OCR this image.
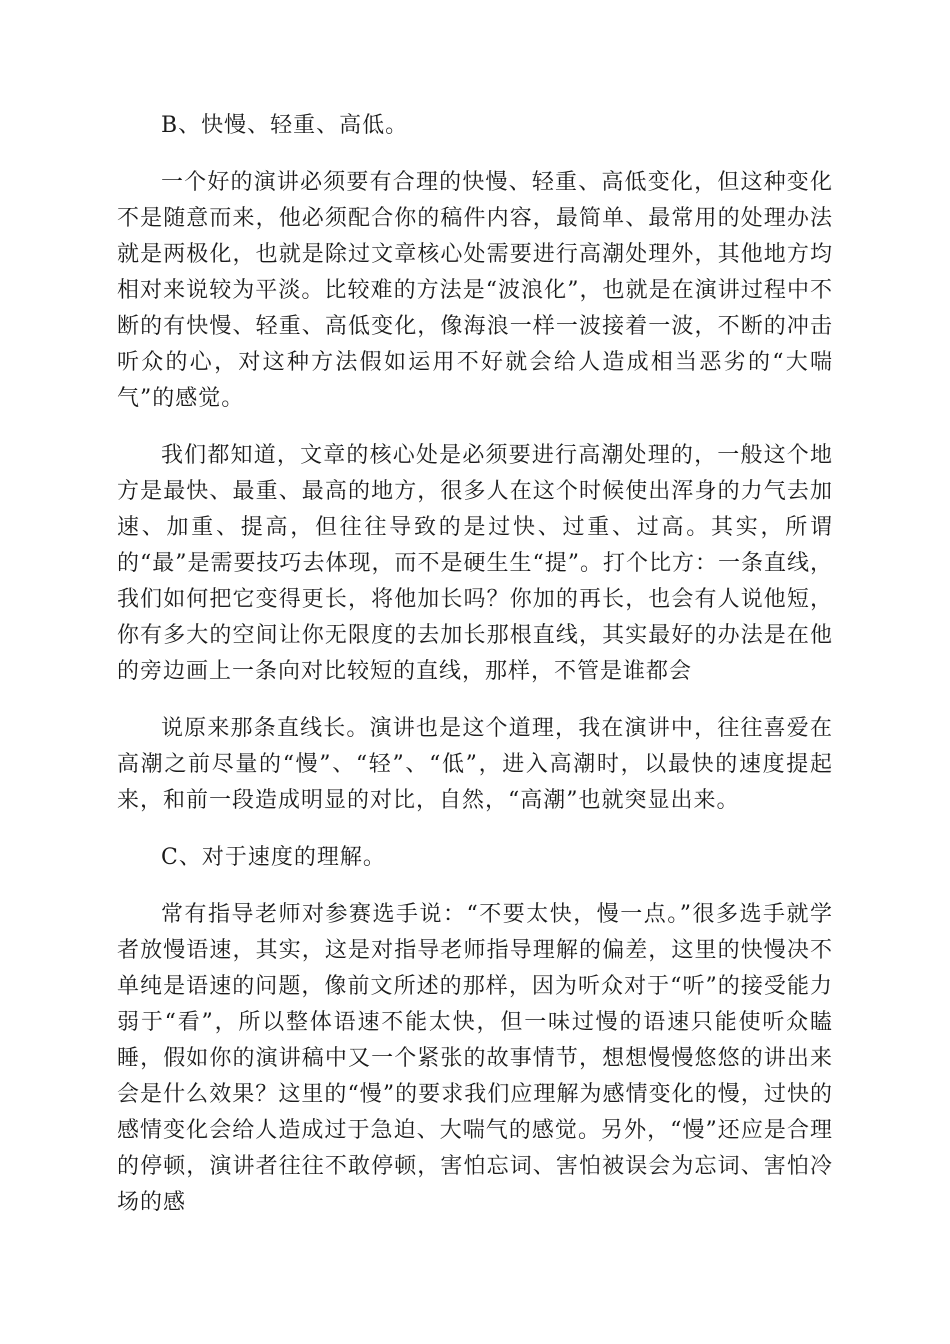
B、快慢、轻重、高低。

一个好的演讲必须要有合理的快慢、轻重、高低变化，但这种变化不是随意而来，他必须配合你的稿件内容，最简单、最常用的处理办法就是两极化，也就是除过文章核心处需要进行高潮处理外，其他地方均相对来说较为平淡。比较难的方法是“波浪化”，也就是在演讲过程中不断的有快慢、轻重、高低变化，像海浪一样一波接着一波，不断的冲击听众的心，对这种方法假如运用不好就会给人造成相当恶劣的“大喘气”的感觉。

我们都知道，文章的核心处是必须要进行高潮处理的，一般这个地方是最快、最重、最高的地方，很多人在这个时候使出浑身的力气去加速、加重、提高，但往往导致的是过快、过重、过高。其实，所谓的“最”是需要技巧去体现，而不是硬生生“提”。打个比方：一条直线，我们如何把它变得更长，将他加长吗？你加的再长，也会有人说他短，你有多大的空间让你无限度的去加长那根直线，其实最好的办法是在他的旁边画上一条向对比较短的直线，那样，不管是谁都会

说原来那条直线长。演讲也是这个道理，我在演讲中，往往喜爱在高潮之前尽量的“慢”、“轻”、“低”，进入高潮时，以最快的速度提起来，和前一段造成明显的对比，自然，“高潮”也就突显出来。

C、对于速度的理解。

常有指导老师对参赛选手说：“不要太快，慢一点。”很多选手就学者放慢语速，其实，这是对指导老师指导理解的偏差，这里的快慢决不单纯是语速的问题，像前文所述的那样，因为听众对于“听”的接受能力弱于“看”，所以整体语速不能太快，但一味过慢的语速只能使听众瞌睡，假如你的演讲稿中又一个紧张的故事情节，想想慢慢悠悠的讲出来会是什么效果？这里的“慢”的要求我们应理解为感情变化的慢，过快的感情变化会给人造成过于急迫、大喘气的感觉。另外，“慢”还应是合理的停顿，演讲者往往不敢停顿，害怕忘词、害怕被误会为忘词、害怕冷场的感
